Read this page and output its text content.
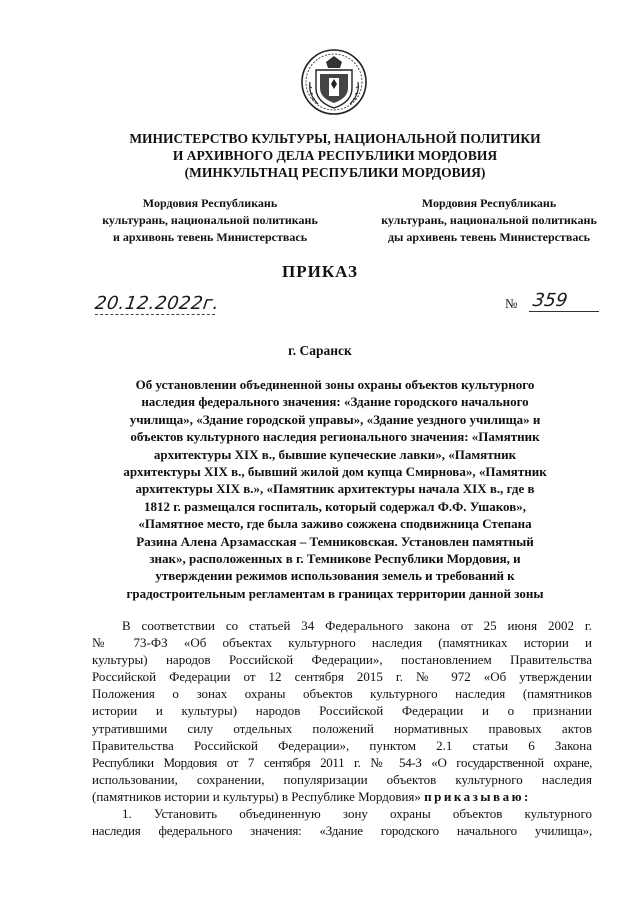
МИНИСТЕРСТВО КУЛЬТУРЫ, НАЦИОНАЛЬНОЙ ПОЛИТИКИ
И АРХИВНОГО ДЕЛА РЕСПУБЛИКИ МОРДОВИЯ
(МИНКУЛЬТНАЦ РЕСПУБЛИКИ МОРДОВИЯ)
Мордовия Республикань
культурань, национальной политикань
и архивонь тевень Министерствась
Мордовия Республикань
культурань, национальной политикань
ды архивень тевень Министерствась
ПРИКАЗ
20.12.2022г.	№ 359
г. Саранск
Об установлении объединенной зоны охраны объектов культурного
наследия федерального значения: «Здание городского начального
училища», «Здание городской управы», «Здание уездного училища» и
объектов культурного наследия регионального значения: «Памятник
архитектуры XIX в., бывшие купеческие лавки», «Памятник
архитектуры XIX в., бывший жилой дом купца Смирнова», «Памятник
архитектуры XIX в.», «Памятник архитектуры начала XIX в., где в
1812 г. размещался госпиталь, который содержал Ф.Ф. Ушаков»,
«Памятное место, где была заживо сожжена сподвижница Степана
Разина Алена Арзамасская – Темниковская. Установлен памятный
знак», расположенных в г. Темникове Республики Мордовия, и
утверждении режимов использования земель и требований к
градостроительным регламентам в границах территории данной зоны
В соответствии со статьей 34 Федерального закона от 25 июня 2002 г.
№ 73-ФЗ «Об объектах культурного наследия (памятниках истории и
культуры) народов Российской Федерации», постановлением Правительства
Российской Федерации от 12 сентября 2015 г. № 972 «Об утверждении
Положения о зонах охраны объектов культурного наследия (памятников
истории и культуры) народов Российской Федерации и о признании
утратившими силу отдельных положений нормативных правовых актов
Правительства Российской Федерации», пунктом 2.1 статьи 6 Закона
Республики Мордовия от 7 сентября 2011 г. № 54-З «О государственной охране,
использовании, сохранении, популяризации объектов культурного наследия
(памятников истории и культуры) в Республике Мордовия» приказываю:
1. Установить объединенную зону охраны объектов культурного
наследия федерального значения: «Здание городского начального училища»,
